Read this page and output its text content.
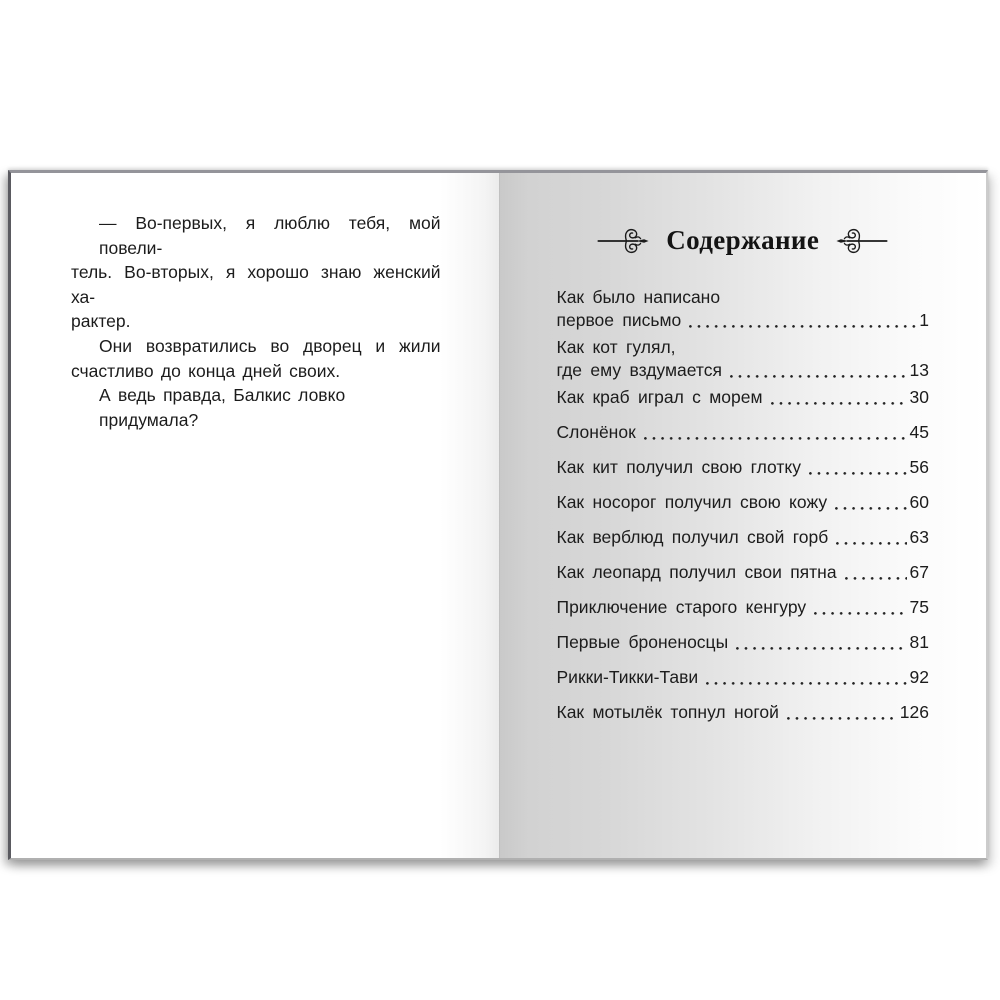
— Во-первых, я люблю тебя, мой повели-
тель. Во-вторых, я хорошо знаю женский ха-
рактер.
Они возвратились во дворец и жили
счастливо до конца дней своих.
А ведь правда, Балкис ловко придумала?
Содержание
Как было написано
первое письмо	1
Как кот гулял,
где ему вздумается	13
Как краб играл с морем	30
Слонёнок	45
Как кит получил свою глотку	56
Как носорог получил свою кожу	60
Как верблюд получил свой горб	63
Как леопард получил свои пятна	67
Приключение старого кенгуру	75
Первые броненосцы	81
Рикки-Тикки-Тави	92
Как мотылёк топнул ногой	126
